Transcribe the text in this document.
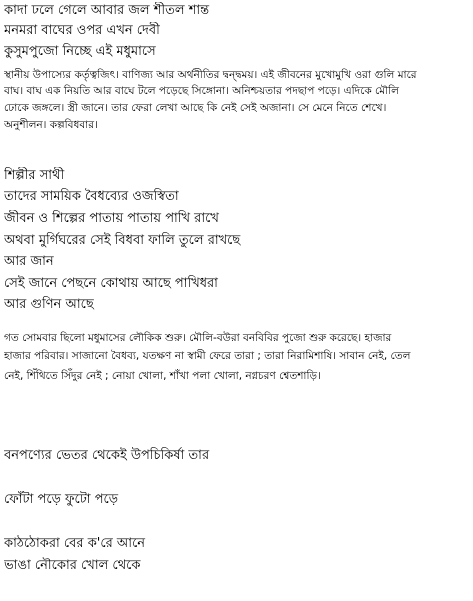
কাদা ঢলে গেলে আবার জল শীতল শান্ত
মনমরা বাঘের ওপর এখন দেবী
কুসুমপুজো নিচ্ছে এই মধুমাসে
স্থানীয় উপাস্যের কর্তৃত্বজিৎ। বাণিজ্য আর অর্থনীতির দ্বন্দ্বময়। এই জীবনের মুখোমুখি ওরা গুলি মারে
বাঘ। বাঘ এক নিয়তি আর বাঘে টলে পড়েছে সিঙ্গোনা। অনিশ্চয়তার পদছাপ পড়ে। এদিকে মৌলি
ঢোকে জঙ্গলে। স্ত্রী জানে। তার ফেরা লেখা আছে কি নেই সেই অজানা। সে মেনে নিতে শেখে।
অনুশীলন। কল্পবিধবার।
শিল্পীর সাথী
তাদের সাময়িক বৈধব্যের ওজস্বিতা
জীবন ও শিল্পের পাতায় পাতায় পাখি রাখে
অথবা মুর্গিঘরের সেই বিধবা ফালি তুলে রাখছে
আর জান
সেই জানে পেছনে কোথায় আছে পাখিধরা
আর গুণিন আছে
গত সোমবার ছিলো মধুমাসের লৌকিক শুরু। মৌলি-বউরা বনবিবির পুজো শুরু করেছে। হাজার
হাজার পরিবার। সাজানো বৈধব্য, যতক্ষণ না স্বামী ফেরে তারা ; তারা নিরামিশাষি। সাবান নেই, তেল
নেই, শিঁথিতে সিঁদুর নেই ; নোয়া খোলা, শাঁখা পলা খোলা, নগ্নচরণ শ্বেতশাড়ি।
বনপণ্যের ভেতর থেকেই উপচিকির্ষা তার
ফোঁটা পড়ে ফুটো পড়ে
কাঠঠোকরা বের ক'রে আনে
ভাঙা নৌকোর খোল থেকে
